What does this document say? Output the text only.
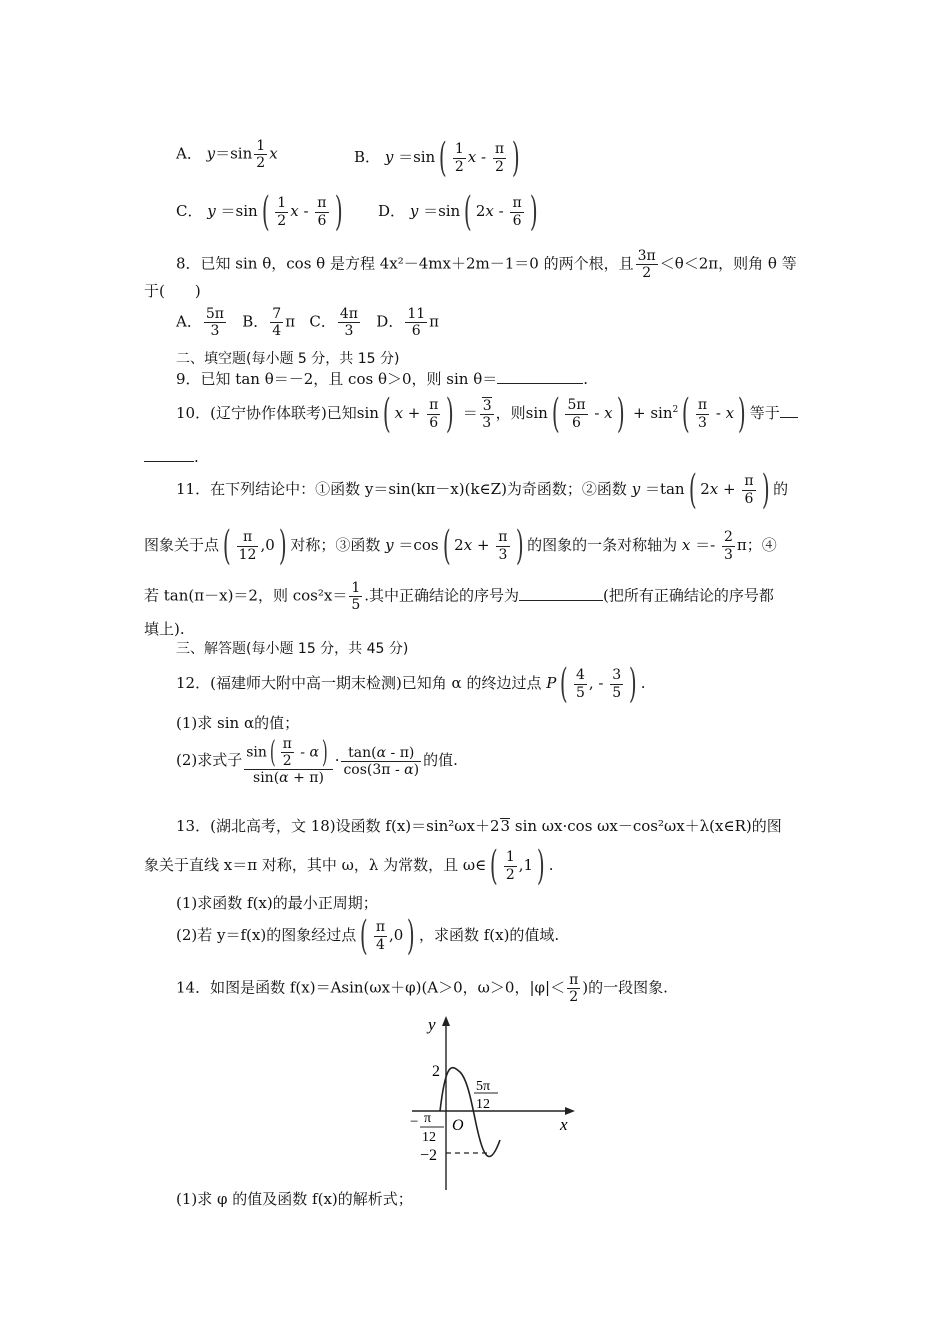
A． $y=\sin \frac{1}{2}$ x	B． $y =\sin( \frac{1}{2}$ x - $\frac{\pi}{2}$ )
C． $y =\sin( \frac{1}{2}$ x - $\frac{\pi}{6}$ ) D． y ＝sin( $2x - \frac{\pi}{6}$ )
8．已知 sin θ，cos θ 是方程 4x²－4mx＋2m－1＝0 的两个根，且 $\frac{3\pi}{2} <\theta<2\pi$，则角 θ 等
于(　　)
A． $\frac{5\pi}{3}$ B． $\frac{7}{4}$ π   C． $\frac{4\pi}{3}$ D． $\frac{11}{6}$ π
二、填空题(每小题 5 分，共 15 分)
9．已知 tan θ＝－2，且 cos θ＞0，则 sin θ＝	.
10．(辽宁协作体联考)已知sin( $x + \frac{\pi}{6}$ ) ＝ $\frac{3}{3}$ ，则$\sin( \frac{5\pi}{6} - x) + \sin^2( \frac{\pi}{3} - x)$ 等于
.
11．在下列结论中：①函数 y＝sin(kπ－x)(k∈Z)为奇函数；②函数 y ＝tan( $2x + \frac{\pi}{6}$ ) 的
图象关于点( $\frac{\pi}{12} ,0$) 对称；③函数 y ＝cos( $2x + \frac{\pi}{3}$ ) 的图象的一条对称轴为 $x =- \frac{2}{3}$ π；④
若 tan(π－x)＝2，则 $\cos^2x= \frac{1}{5}$ .其中正确结论的序号为	(把所有正确结论的序号都
填上).
三、解答题(每小题 15 分，共 45 分)
12．(福建师大附中高一期末检测)已知角 α 的终边过点 $P( \frac{4}{5}$ , - $\frac{3}{5}$ ) .
(1)求 sin α的值；
(2)求式子 $\frac{\sin( \frac{\pi}{2} - \alpha)}{\sin(\alpha + \pi)} \cdot \frac{\tan(\alpha - \pi)}{\cos(3\pi - \alpha)}$ 的值.
13．(湖北高考，文 18)设函数 f(x)＝sin²ωx＋23 sin ωx·cos ωx－cos²ωx＋λ(x∈R)的图
象关于直线 x＝π 对称，其中 ω，λ 为常数，且 ω∈( $\frac{1}{2} ,1$) .
(1)求函数 f(x)的最小正周期；
(2)若 y＝f(x)的图象经过点( $\frac{\pi}{4} ,0$) ，求函数 f(x)的值域.
14．如图是函数 f(x)＝Asin(ωx＋φ)(A＞0，ω＞0，$|\varphi|< \frac{\pi}{2}$ )的一段图象.
y
x
O
2
−2
− π
12
5π
12
(1)求 φ 的值及函数 f(x)的解析式；
